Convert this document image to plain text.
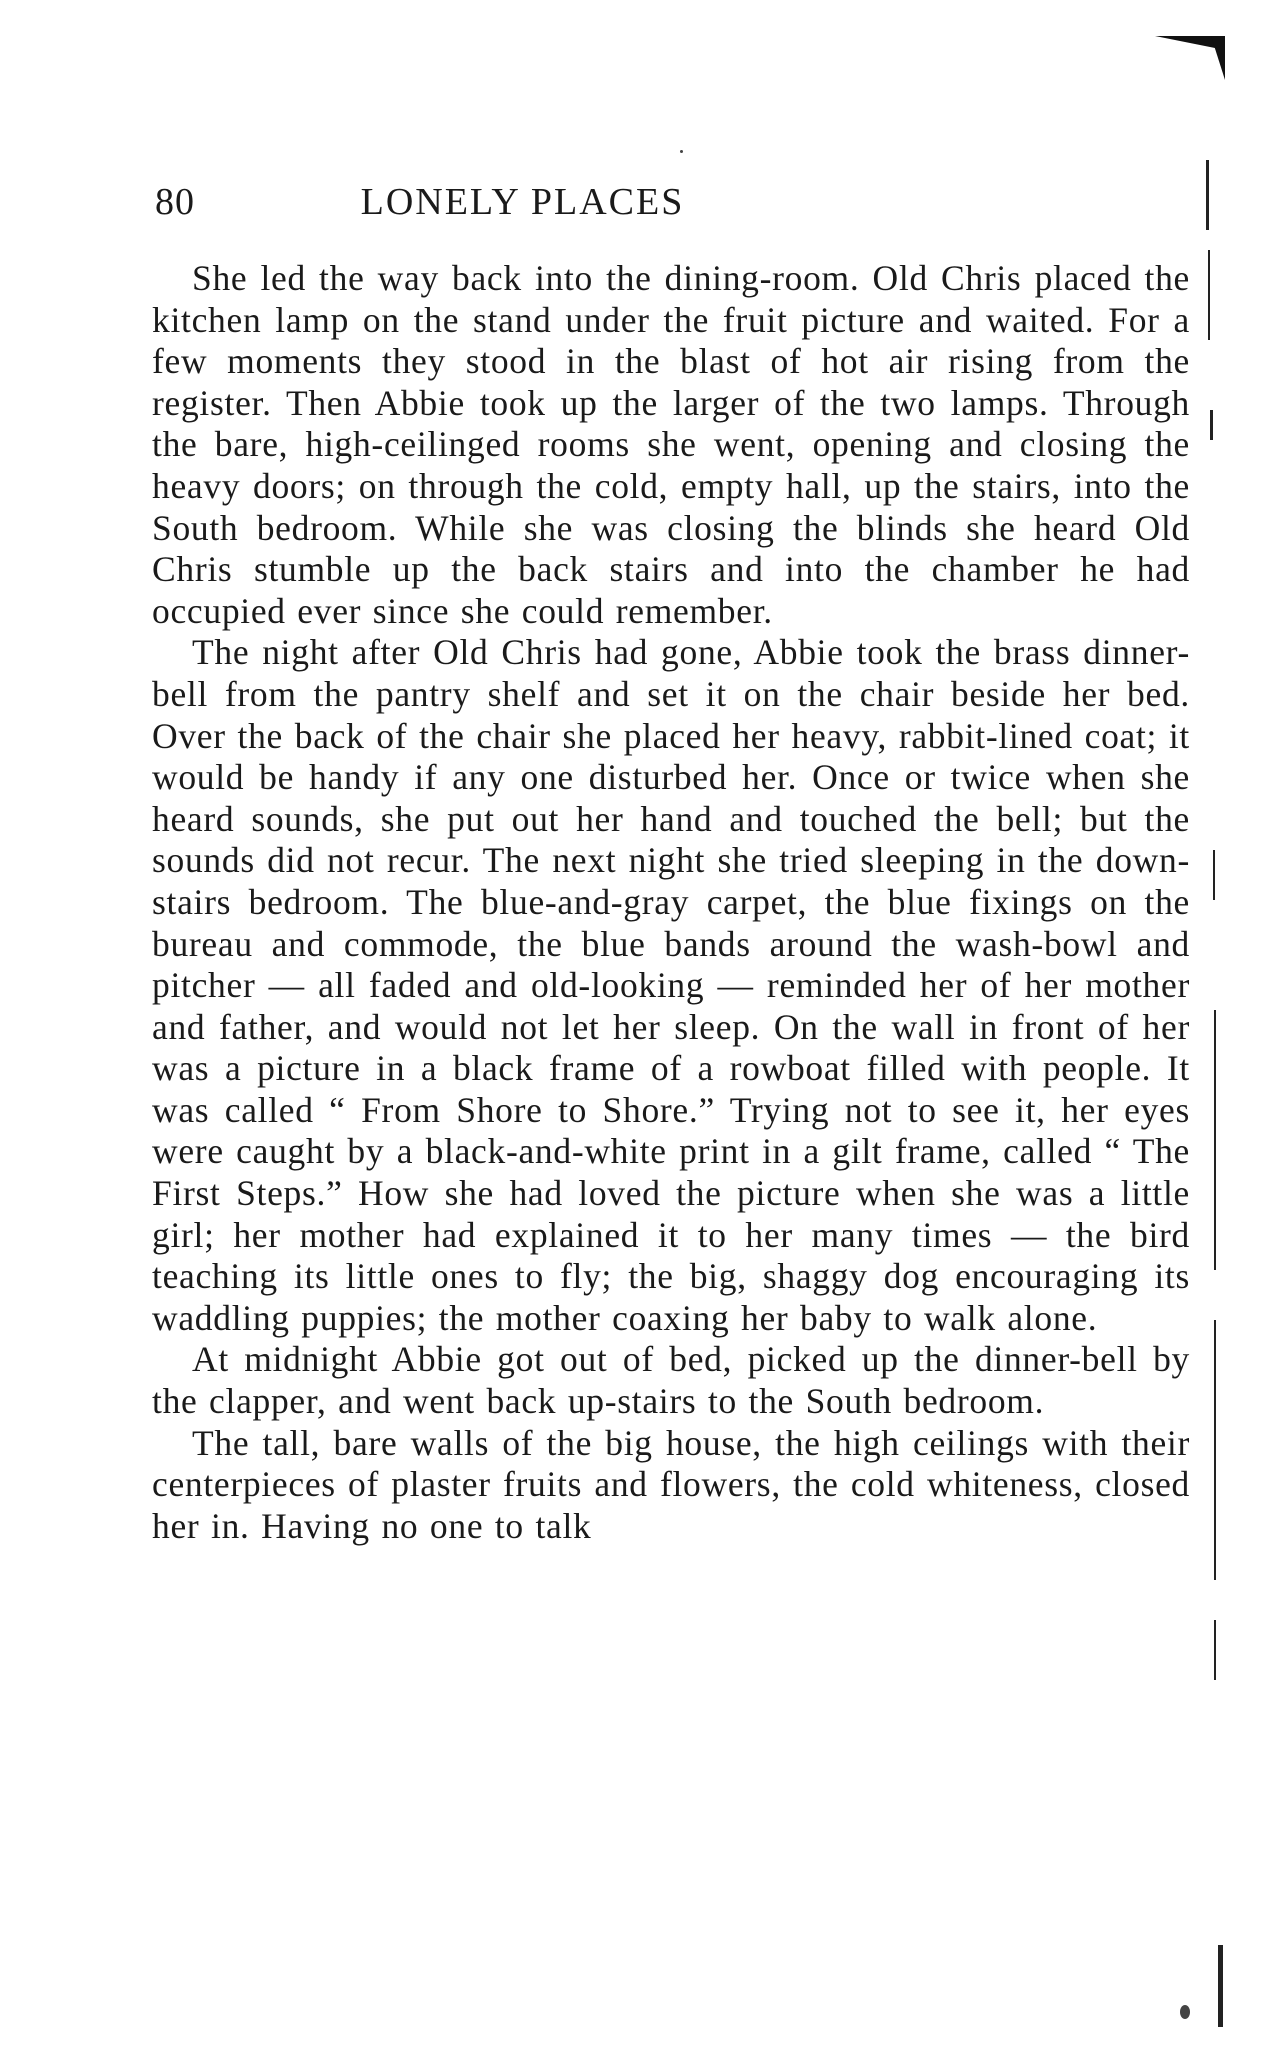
80	LONELY PLACES

She led the way back into the dining-room. Old Chris placed the kitchen lamp on the stand under the fruit picture and waited. For a few moments they stood in the blast of hot air rising from the register. Then Abbie took up the larger of the two lamps. Through the bare, high-ceilinged rooms she went, opening and closing the heavy doors; on through the cold, empty hall, up the stairs, into the South bedroom. While she was closing the blinds she heard Old Chris stumble up the back stairs and into the chamber he had occupied ever since she could remember.

The night after Old Chris had gone, Abbie took the brass dinner-bell from the pantry shelf and set it on the chair beside her bed. Over the back of the chair she placed her heavy, rabbit-lined coat; it would be handy if any one disturbed her. Once or twice when she heard sounds, she put out her hand and touched the bell; but the sounds did not recur. The next night she tried sleeping in the down-stairs bedroom. The blue-and-gray carpet, the blue fixings on the bureau and commode, the blue bands around the wash-bowl and pitcher — all faded and old-looking — reminded her of her mother and father, and would not let her sleep. On the wall in front of her was a picture in a black frame of a rowboat filled with people. It was called “ From Shore to Shore.” Trying not to see it, her eyes were caught by a black-and-white print in a gilt frame, called “ The First Steps.” How she had loved the picture when she was a little girl; her mother had explained it to her many times — the bird teaching its little ones to fly; the big, shaggy dog encouraging its waddling puppies; the mother coaxing her baby to walk alone.

At midnight Abbie got out of bed, picked up the dinner-bell by the clapper, and went back up-stairs to the South bedroom.

The tall, bare walls of the big house, the high ceilings with their centerpieces of plaster fruits and flowers, the cold whiteness, closed her in. Having no one to talk
